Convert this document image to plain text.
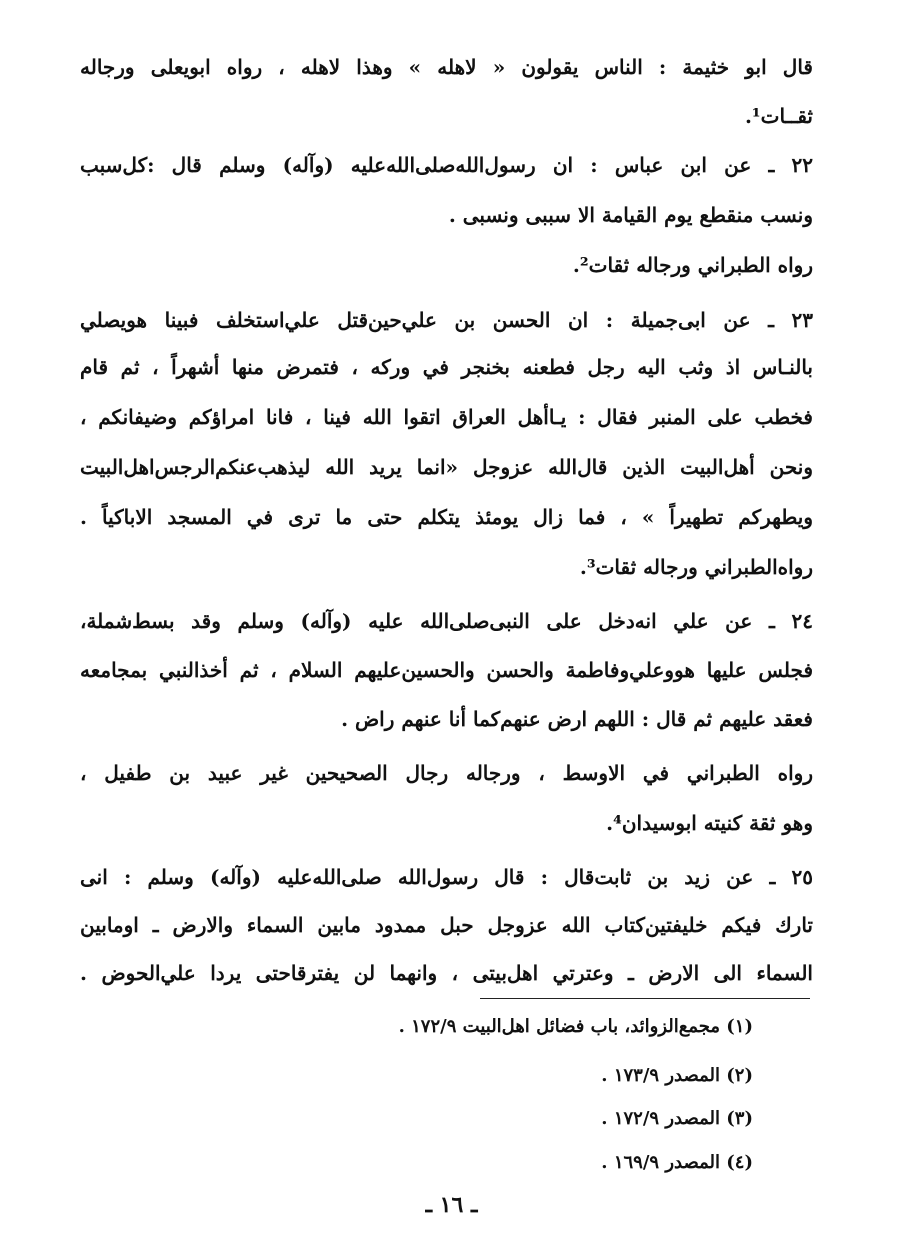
قال ابو خثيمة : الناس يقولون « لاهله » وهذا لاهله ، رواه ابويعلى ورجاله
ثقــات¹.
٢٢ ـ عن ابن عباس : ان رسول‌الله‌صلى‌الله‌عليه (وآله) وسلم قال :كل‌سبب
ونسب منقطع يوم القيامة الا سببى ونسبى .
رواه الطبراني ورجاله ثقات².
٢٣ ـ عن ابى‌جميلة : ان الحسن بن علي‌حين‌قتل علي‌استخلف فبينا هويصلي
بالنـاس اذ وثب اليه رجل فطعنه بخنجر في وركه ، فتمرض منها أشهراً ، ثم قام
فخطب على المنبر فقال : يـاأهل العراق اتقوا الله فينا ، فانا امراؤكم وضيفانكم ،
ونحن أهل‌البيت الذين قال‌الله عزوجل «انما يريد الله ليذهب‌عنكم‌الرجس‌اهل‌البيت
ويطهركم تطهيراً » ، فما زال يومئذ يتكلم حتى ما ترى في المسجد الاباكياً .
رواه‌الطبراني ورجاله ثقات³.
٢٤ ـ عن علي انه‌دخل على النبى‌صلى‌الله عليه (وآله) وسلم وقد بسط‌شملة،
فجلس عليها هووعلي‌وفاطمة والحسن والحسين‌عليهم السلام ، ثم أخذ‌النبي بمجامعه
فعقد عليهم ثم قال : اللهم ارض عنهم‌كما أنا عنهم راض .
رواه الطبراني في الاوسط ، ورجاله رجال الصحيحين غير عبيد بن طفيل ،
وهو ثقة كنيته ابوسيدان⁴.
٢٥ ـ عن زيد بن ثابت‌قال : قال رسول‌الله صلى‌الله‌عليه (وآله) وسلم : انى
تارك فيكم خليفتين‌كتاب الله عزوجل حبل ممدود مابين السماء والارض ـ اومابين
السماء الى الارض ـ وعترتي اهل‌بيتى ، وانهما لن يفترقاحتى يردا علي‌الحوض .
(١) مجمع‌الزوائد، باب فضائل اهل‌البيت ١٧٢/٩ .
(٢) المصدر ١٧٣/٩ .
(٣) المصدر ١٧٢/٩ .
(٤) المصدر ١٦٩/٩ .
ـ ١٦ ـ
